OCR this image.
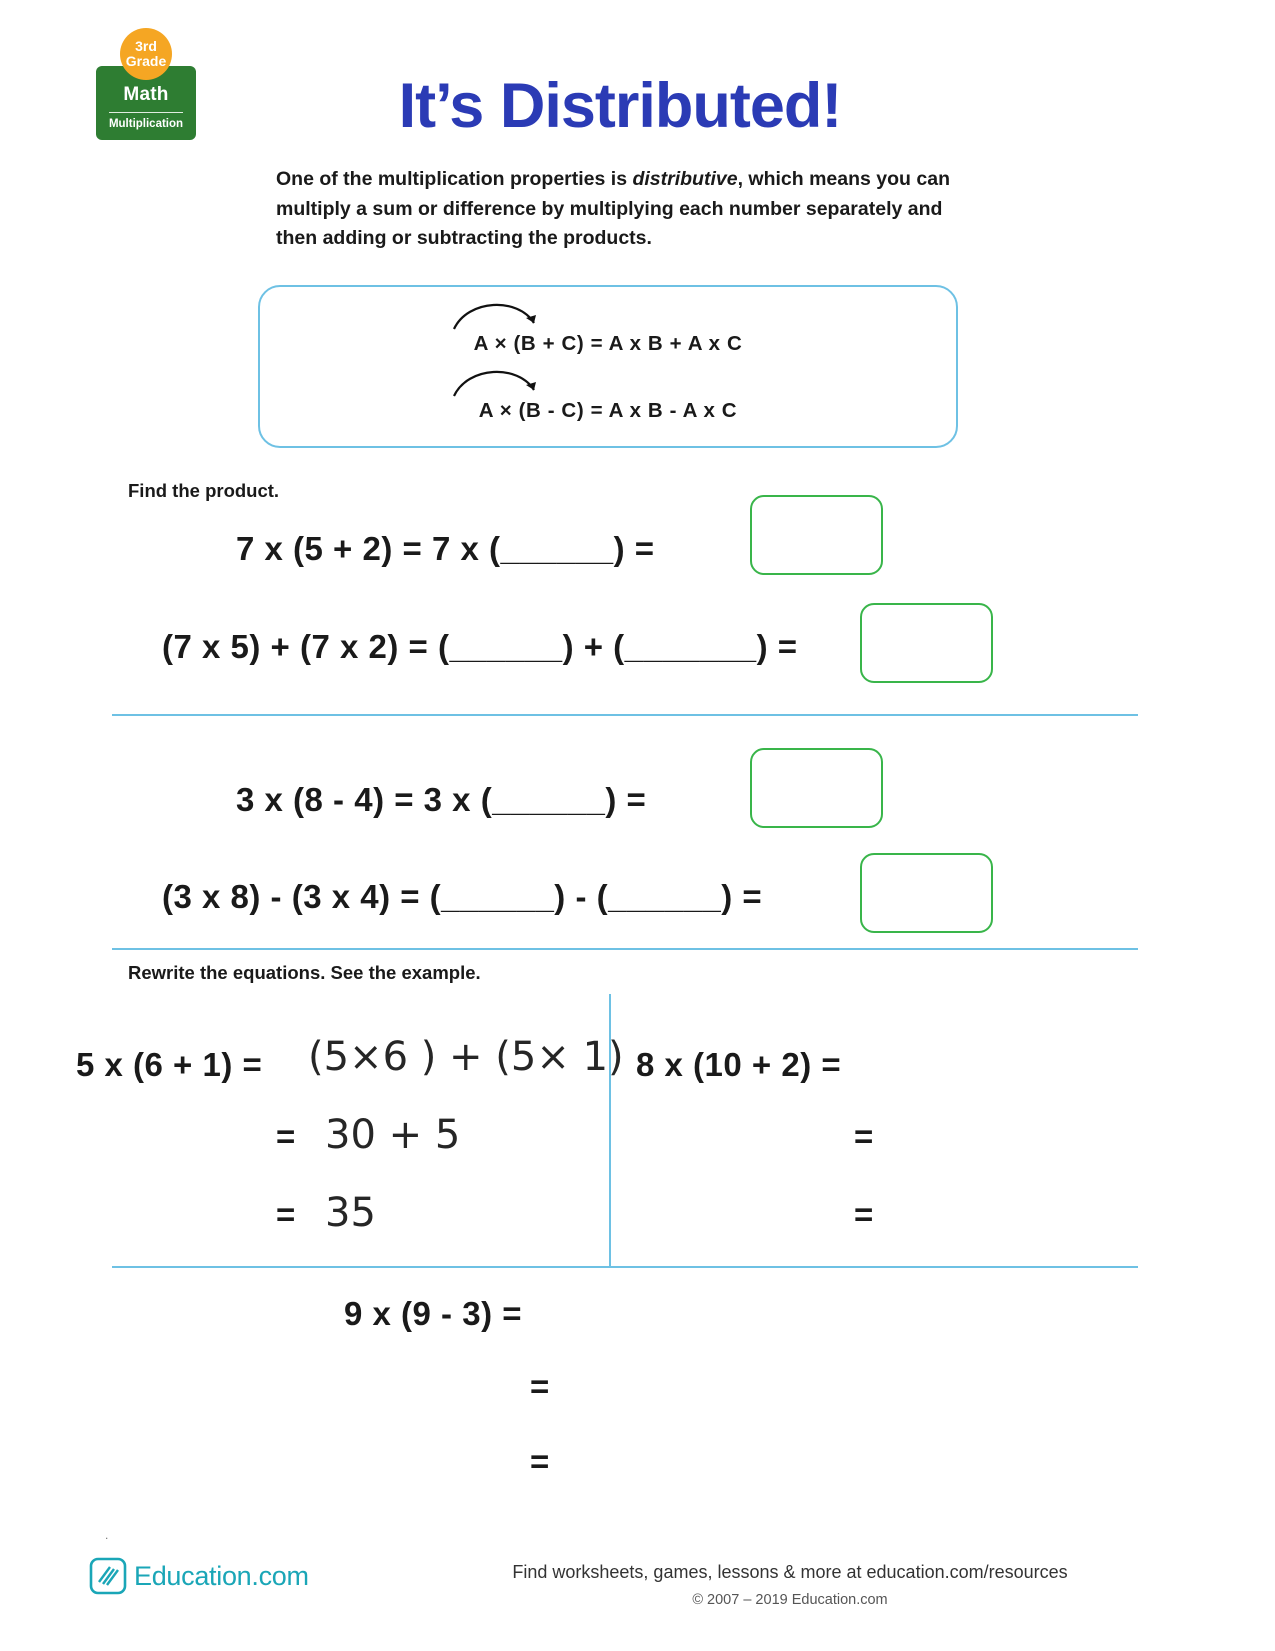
3rd
Grade
Math
Multiplication	It’s Distributed!
One of the multiplication properties is distributive, which means you can multiply a sum or difference by multiplying each number separately and then adding or subtracting the products.
A × (B + C) = A x B + A x C
A × (B - C) = A x B - A x C
Find the product.
7 x (5 + 2) = 7 x (______) =
(7 x 5) + (7 x 2) = (______) + (_______) =
3 x (8 - 4) = 3 x (______) =
(3 x 8) - (3 x 4) = (______) - (______) =
Rewrite the equations. See the example.
5 x (6 + 1) = (5×6 ) + (5× 1)
= 30 + 5
= 35
8 x (10 + 2) =
=
=
9 x (9 - 3) =
=
=
.
Education.com	Find worksheets, games, lessons & more at education.com/resources
© 2007 – 2019 Education.com
